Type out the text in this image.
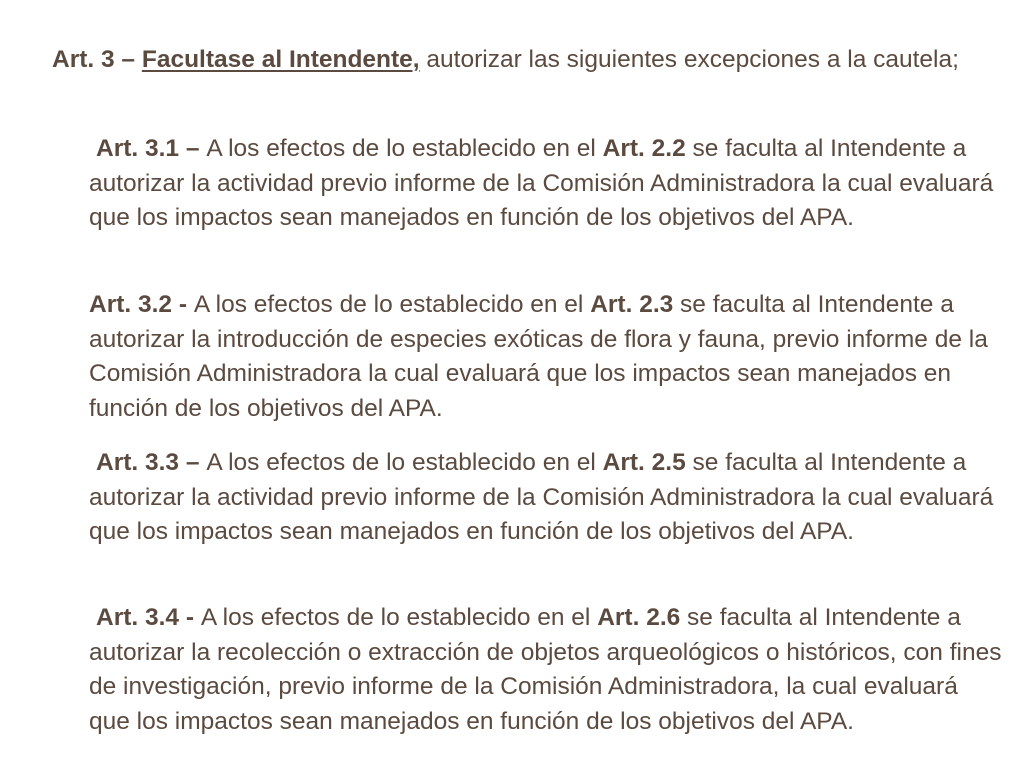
Art. 3 – Facultase al Intendente, autorizar las siguientes excepciones a la cautela;

Art. 3.1 – A los efectos de lo establecido en el Art. 2.2 se faculta al Intendente a autorizar la actividad previo informe de la Comisión Administradora la cual evaluará que los impactos sean manejados en función de los objetivos del APA.

Art. 3.2 - A los efectos de lo establecido en el Art. 2.3 se faculta al Intendente a autorizar la introducción de especies exóticas de flora y fauna, previo informe de la Comisión Administradora la cual evaluará que los impactos sean manejados en función de los objetivos del APA.

Art. 3.3 – A los efectos de lo establecido en el Art. 2.5 se faculta al Intendente a autorizar la actividad previo informe de la Comisión Administradora la cual evaluará que los impactos sean manejados en función de los objetivos del APA.

Art. 3.4 - A los efectos de lo establecido en el Art. 2.6 se faculta al Intendente a autorizar la recolección o extracción de objetos arqueológicos o históricos, con fines de investigación, previo informe de la Comisión Administradora, la cual evaluará que los impactos sean manejados en función de los objetivos del APA.
